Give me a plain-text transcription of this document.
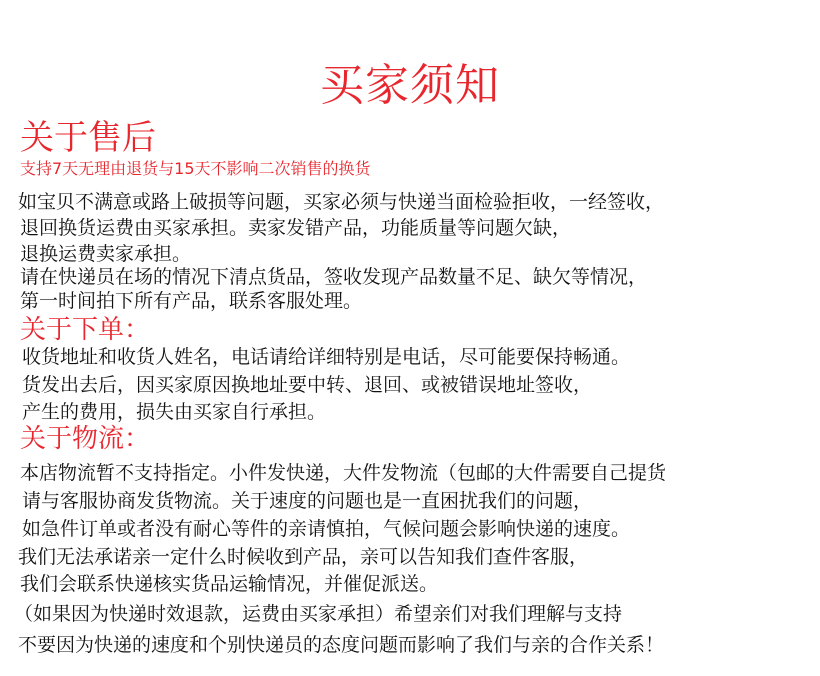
买家须知
关于售后
支持7天无理由退货与15天不影响二次销售的换货
如宝贝不满意或路上破损等问题，买家必须与快递当面检验拒收，一经签收，
退回换货运费由买家承担。卖家发错产品，功能质量等问题欠缺，
退换运费卖家承担。
请在快递员在场的情况下清点货品，签收发现产品数量不足、缺欠等情况，
第一时间拍下所有产品，联系客服处理。
关于下单：
收货地址和收货人姓名，电话请给详细特别是电话，尽可能要保持畅通。
货发出去后，因买家原因换地址要中转、退回、或被错误地址签收，
产生的费用，损失由买家自行承担。
关于物流：
本店物流暂不支持指定。小件发快递，大件发物流（包邮的大件需要自己提货
请与客服协商发货物流。关于速度的问题也是一直困扰我们的问题，
如急件订单或者没有耐心等件的亲请慎拍，气候问题会影响快递的速度。
我们无法承诺亲一定什么时候收到产品，亲可以告知我们查件客服，
我们会联系快递核实货品运输情况，并催促派送。
（如果因为快递时效退款，运费由买家承担）希望亲们对我们理解与支持
不要因为快递的速度和个别快递员的态度问题而影响了我们与亲的合作关系！
